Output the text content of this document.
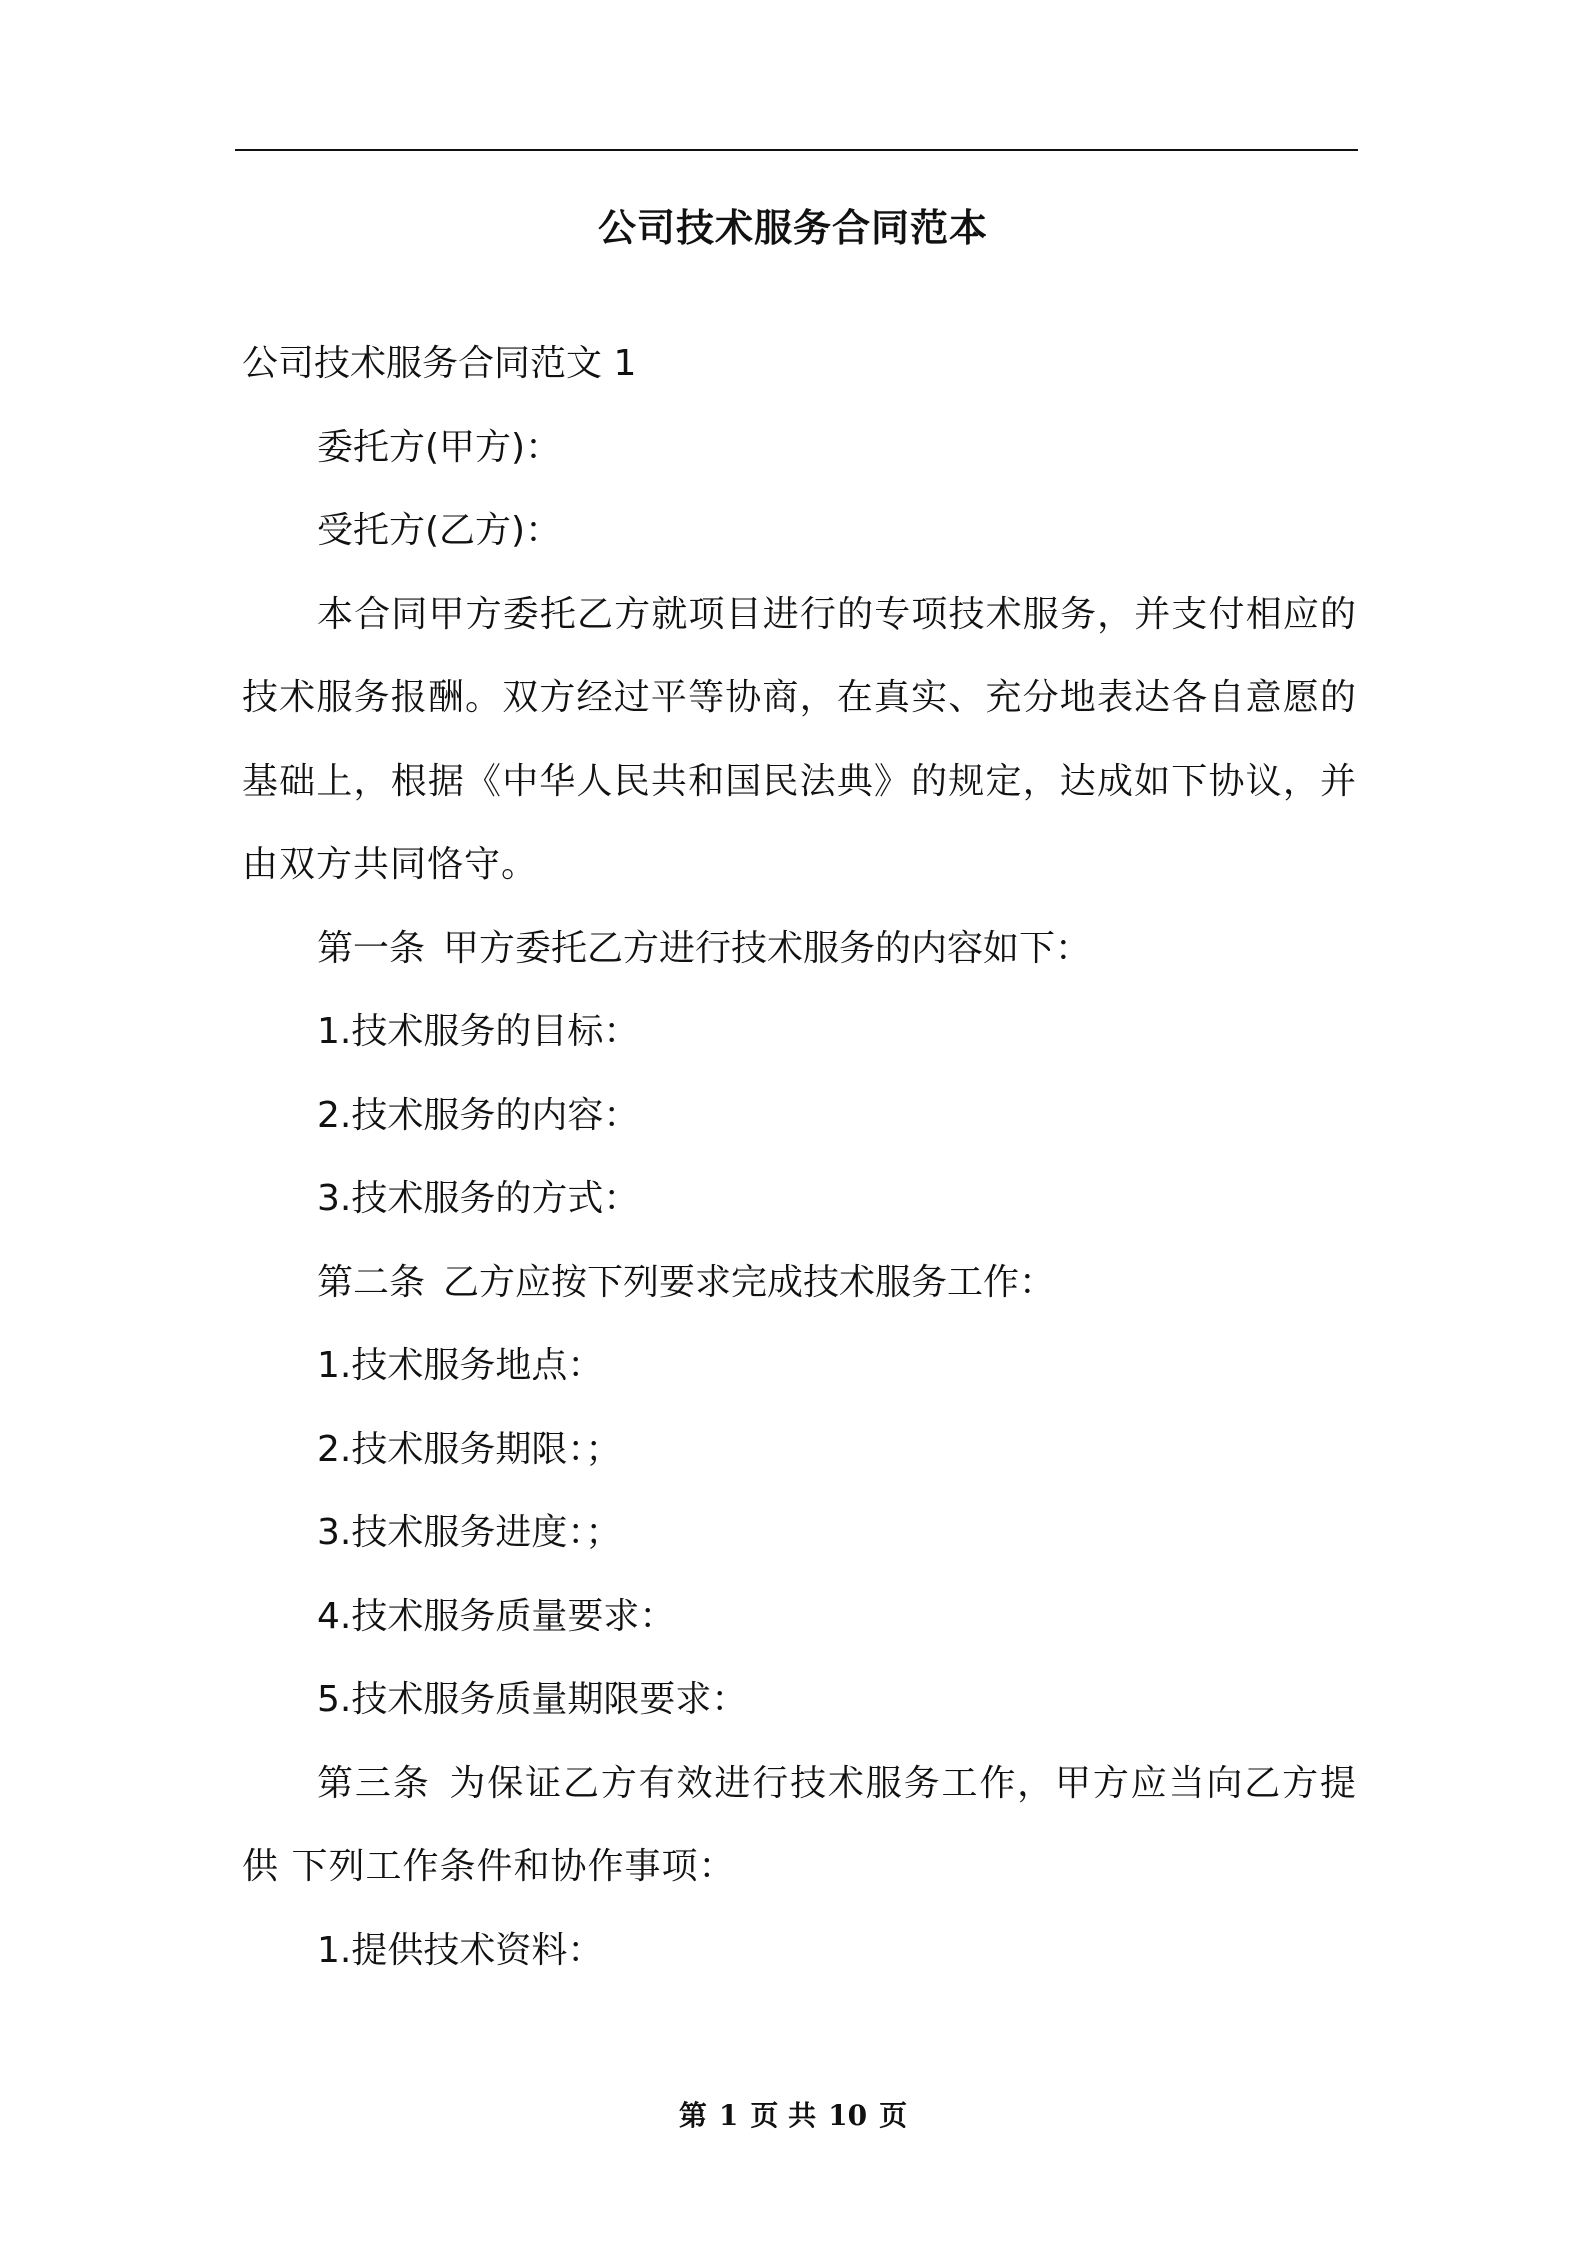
公司技术服务合同范本
公司技术服务合同范文 1
委托方(甲方)：
受托方(乙方)：
本合同甲方委托乙方就项目进行的专项技术服务，并支付相应的技术服务报酬。双方经过平等协商，在真实、充分地表达各自意愿的基础上，根据《中华人民共和国民法典》的规定，达成如下协议，并由双方共同恪守。
第一条 甲方委托乙方进行技术服务的内容如下：
1.技术服务的目标：
2.技术服务的内容：
3.技术服务的方式：
第二条 乙方应按下列要求完成技术服务工作：
1.技术服务地点：
2.技术服务期限：；
3.技术服务进度：；
4.技术服务质量要求：
5.技术服务质量期限要求：
第三条 为保证乙方有效进行技术服务工作，甲方应当向乙方提供 下列工作条件和协作事项：
1.提供技术资料：
第 1 页 共 10 页
